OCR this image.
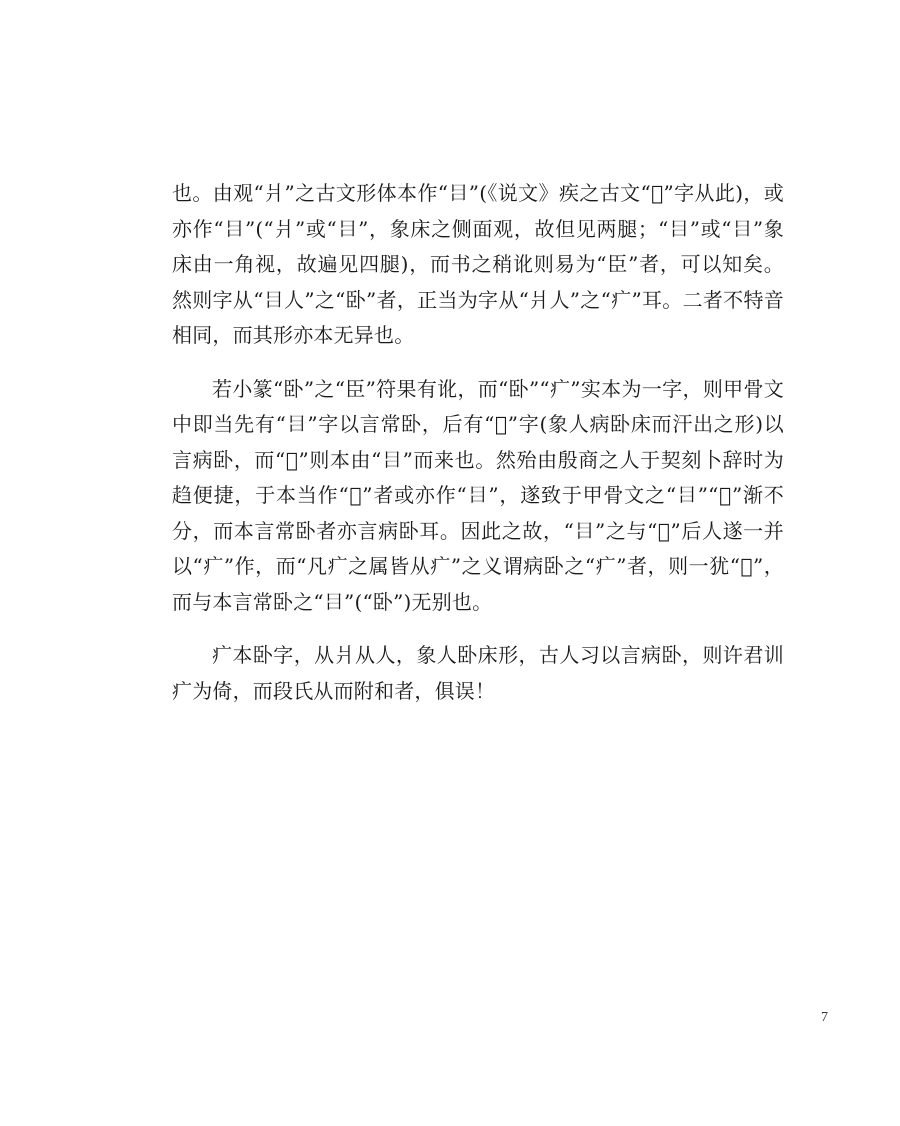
也。由观“爿”之古文形体本作“𤕪”(《说文》疾之古文“𤕫”字从此)，或亦作“𤕪”(“爿”或“𤕪”，象床之侧面观，故但见两腿；“𤕪”或“𤕪”象床由一角视，故遍见四腿)，而书之稍讹则易为“臣”者，可以知矣。然则字从“𤕪人”之“卧”者，正当为字从“爿人”之“疒”耳。二者不特音相同，而其形亦本无异也。

若小篆“卧”之“臣”符果有讹，而“卧”“疒”实本为一字，则甲骨文中即当先有“𤕪”字以言常卧，后有“𤕫”字(象人病卧床而汗出之形)以言病卧，而“𤕫”则本由“𤕪”而来也。然殆由殷商之人于契刻卜辞时为趋便捷，于本当作“𤕫”者或亦作“𤕪”，遂致于甲骨文之“𤕪”“𤕫”渐不分，而本言常卧者亦言病卧耳。因此之故，“𤕪”之与“𤕫”后人遂一并以“疒”作，而“凡疒之属皆从疒”之义谓病卧之“疒”者，则一犹“𤕫”，而与本言常卧之“𤕪”(“卧”)无别也。

疒本卧字，从爿从人，象人卧床形，古人习以言病卧，则许君训疒为倚，而段氏从而附和者，俱误！

7
